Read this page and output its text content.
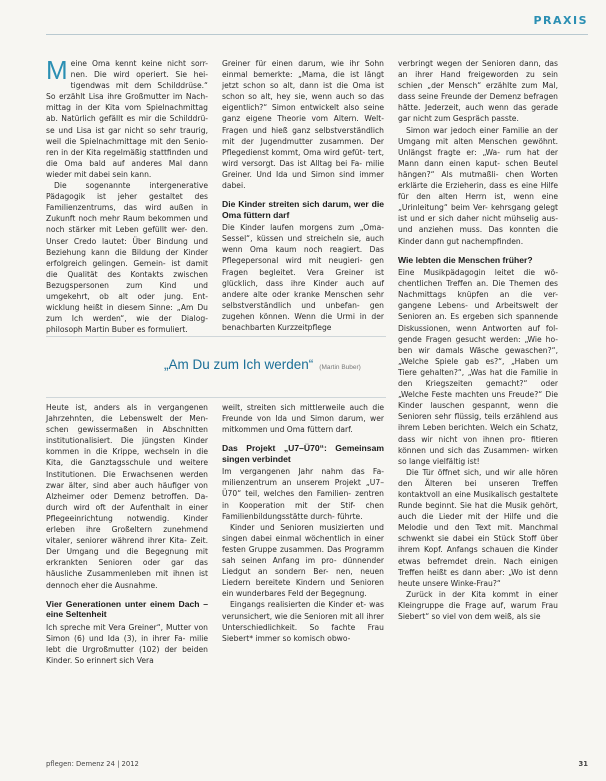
PRAXIS
M eine Oma kennt keine nicht sorr- nen. Die wird operiert. Sie hei- tigendwas mit dem Schilddrüse.“ So erzählt Lisa ihre Großmutter im Nach- mittag in der Kita vom Spielnachmittag ab. Natürlich gefällt es mir die Schilddrü- se und Lisa ist gar nicht so sehr traurig, weil die Spielnachmittage mit den Senio- ren in der Kita regelmäßig stattfinden und die Oma bald auf anderes Mal dann wieder mit dabei sein kann.

Die sogenannte intergenerative Pädagogik ist jeher gestaltet des Familienzentrums, das wird außen in Zukunft noch mehr Raum bekommen und noch stärker mit Leben gefüllt wer- den. Unser Credo lautet: Über Bindung und Beziehung kann die Bildung der Kinder erfolgreich gelingen. Gemein- ist damit die Qualität des Kontakts zwischen Bezugspersonen zum Kind und umgekehrt, ob alt oder jung. Ent- wicklung heißt in diesem Sinne: „Am Du zum Ich werden“, wie der Dialog- philosoph Martin Buber es formuliert.

Greiner für einen darum, wie ihr Sohn einmal bemerkte: „Mama, die ist längt jetzt schon so alt, dann ist die Oma ist schon so alt, hey sie, wenn auch so das eigentlich?“ Simon entwickelt also seine ganz eigene Theorie vom Altern. Welt- Fragen und hieß ganz selbstverständlich mit der Jugendmutter zusammen. Der Pflegedienst kommt, Oma wird gefüt- tert, wird versorgt. Das ist Alltag bei Fa- milie Greiner. Und Ida und Simon sind immer dabei.

Die Kinder streiten sich darum, wer die Oma füttern darf

Die Kinder laufen morgens zum „Oma- Sessel“, küssen und streicheln sie, auch wenn Oma kaum noch reagiert. Das Pflegepersonal wird mit neugieri- gen Fragen begleitet. Vera Greiner ist glücklich, dass ihre Kinder auch auf andere alte oder kranke Menschen sehr selbstverständlich und unbefan- gen zugehen können. Wenn die Urmi in der benachbarten Kurzzeitpflege

verbringt wegen der Senioren dann, das an ihrer Hand freigeworden zu sein schien „der Mensch“ erzählte zum Mal, dass seine Freunde der Demenz befragen hätte. Jederzeit, auch wenn das gerade gar nicht zum Gespräch passte.

Simon war jedoch einer Familie an der Umgang mit alten Menschen gewöhnt. Unlängst fragte er: „Wa- rum hat der Mann dann einen kaput- schen Beutel hängen?“ Als mutmaßli- chen Worten erklärte die Erzieherin, dass es eine Hilfe für den alten Herrn ist, wenn eine „Urinleitung“ beim Ver- kehrsgang gelegt ist und er sich daher nicht mühselig aus- und anziehen muss. Das konnten die Kinder dann gut nachempfinden.

Wie lebten die Menschen früher?

Eine Musikpädagogin leitet die wö- chentlichen Treffen an. Die Themen des Nachmittags knüpfen an die ver- gangene Lebens- und Arbeitswelt der Senioren an. Es ergeben sich spannende Diskussionen, wenn Antworten auf fol- gende Fragen gesucht werden: „Wie ho- ben wir damals Wäsche gewaschen?“, „Welche Spiele gab es?“, „Haben um Tiere gehalten?“, „Was hat die Familie in den Kriegszeiten gemacht?“ oder „Welche Feste machten uns Freude?“ Die Kinder lauschen gespannt, wenn die Senioren sehr flüssig, teils erzählend aus ihrem Leben berichten. Welch ein Schatz, dass wir nicht von ihnen pro- fitieren können und sich das Zusammen- wirken so lange vielfältig ist!

Die Tür öffnet sich, und wir alle hören den Älteren bei unseren Treffen kontaktvoll an eine Musikalisch gestaltete Runde beginnt. Sie hat die Musik gehört, auch die Lieder mit der Hilfe und die Melodie und den Text mit. Manchmal schwenkt sie dabei ein Stück Stoff über ihrem Kopf. Anfangs schauen die Kinder etwas befremdet drein. Nach einigen Treffen heißt es dann aber: „Wo ist denn heute unsere Winke-Frau?“

Zurück in der Kita kommt in einer Kleingruppe die Frage auf, warum Frau Siebert“ so viel von dem weiß, als sie

„Am Du zum Ich werden“ (Martin Buber)

Heute ist, anders als in vergangenen Jahrzehnten, die Lebenswelt der Men- schen gewissermaßen in Abschnitten institutionalisiert. Die jüngsten Kinder kommen in die Krippe, wechseln in die Kita, die Ganztagsschule und weitere Institutionen. Die Erwachsenen werden zwar älter, sind aber auch häufiger von Alzheimer oder Demenz betroffen. Da- durch wird oft der Aufenthalt in einer Pflegeeinrichtung notwendig. Kinder erleben ihre Großeltern zunehmend vitaler, seniorer während ihrer Kita- Zeit. Der Umgang und die Begegnung mit erkrankten Senioren oder gar das häusliche Zusammenleben mit ihnen ist dennoch eher die Ausnahme.

Vier Generationen unter einem Dach – eine Seltenheit

Ich spreche mit Vera Greiner“, Mutter von Simon (6) und Ida (3), in ihrer Fa- milie lebt die Urgroßmutter (102) der beiden Kinder. So erinnert sich Vera

weilt, streiten sich mittlerweile auch die Freunde von Ida und Simon darum, wer mitkommen und Oma füttern darf.

Das Projekt „U7–Ü70“: Gemeinsam singen verbindet

Im vergangenen Jahr nahm das Fa- milienzentrum an unserem Projekt „U7–Ü70“ teil, welches den Familien- zentren in Kooperation mit der Stif- chen Familienbildungsstätte durch- führte.

Kinder und Senioren musizierten und singen dabei einmal wöchentlich in einer festen Gruppe zusammen. Das Programm sah seinen Anfang im pro- dünnender Liedgut an sondern Ber- nen, neuen Liedern bereitete Kindern und Senioren ein wunderbares Feld der Begegnung.

Eingangs realisierten die Kinder et- was verunsichert, wie die Senioren mit all ihrer Unterschiedlichkeit. So fachte Frau Siebert* immer so komisch obwo-

pflegen: Demenz 24 | 2012	31
